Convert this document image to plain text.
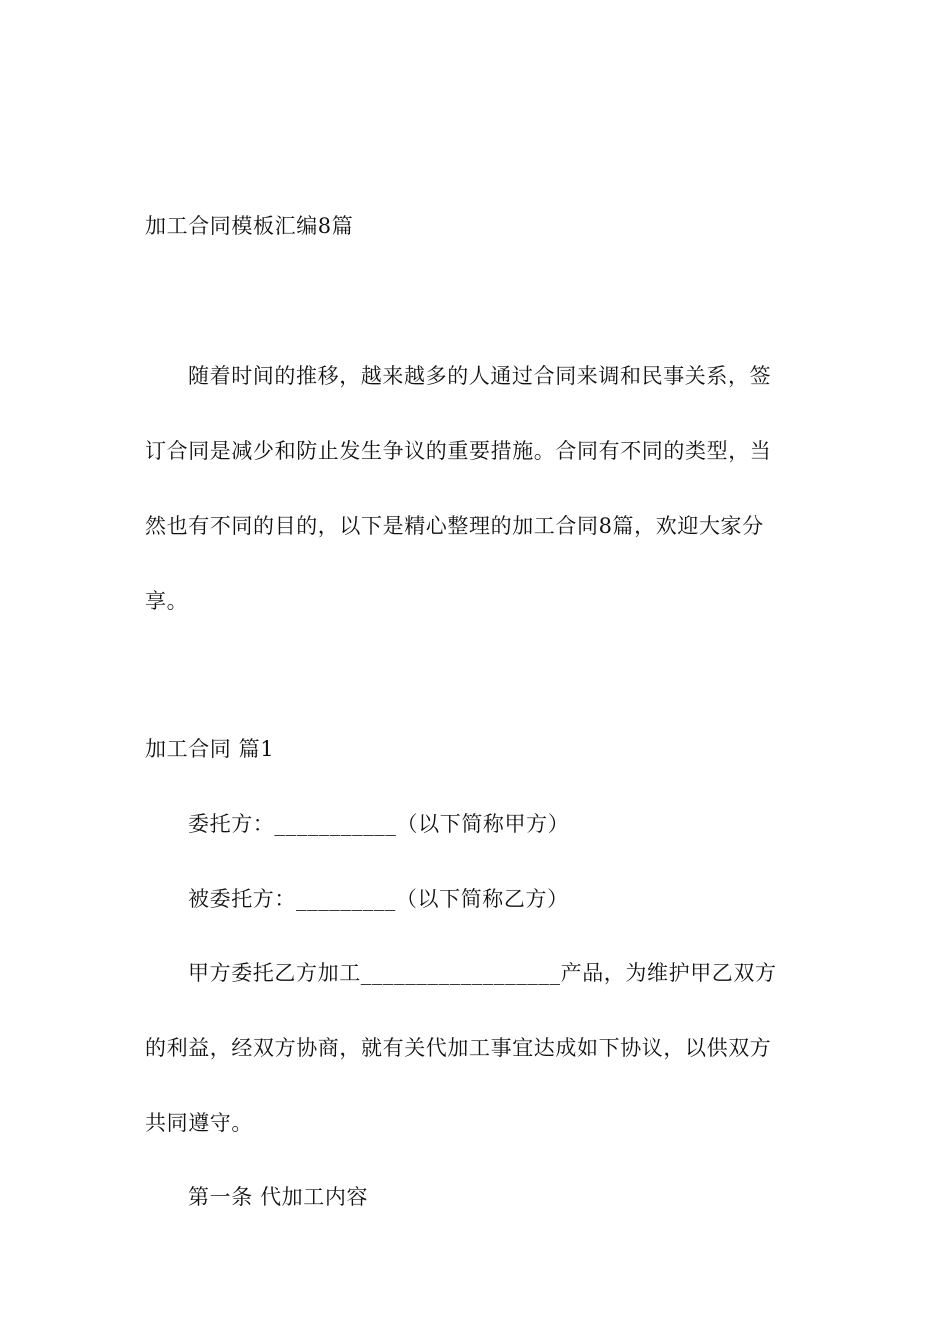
加工合同模板汇编8篇
随着时间的推移，越来越多的人通过合同来调和民事关系，签
订合同是减少和防止发生争议的重要措施。合同有不同的类型，当
然也有不同的目的，以下是精心整理的加工合同8篇，欢迎大家分
享。
加工合同 篇1
委托方：___________（以下简称甲方）
被委托方：_________（以下简称乙方）
甲方委托乙方加工__________________产品，为维护甲乙双方
的利益，经双方协商，就有关代加工事宜达成如下协议，以供双方
共同遵守。
第一条 代加工内容
